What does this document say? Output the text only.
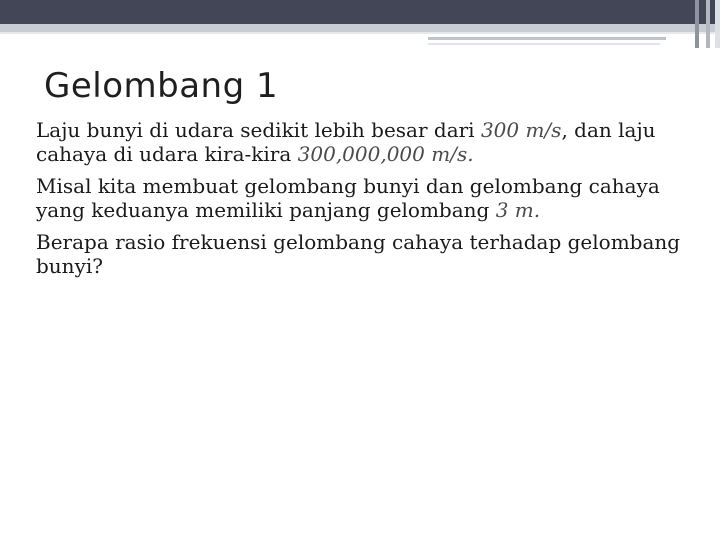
Gelombang 1
Laju bunyi di udara sedikit lebih besar dari 300 m/s, dan laju cahaya di udara kira-kira 300,000,000 m/s.
Misal kita membuat gelombang bunyi dan gelombang cahaya yang keduanya memiliki panjang gelombang 3 m.
Berapa rasio frekuensi gelombang cahaya terhadap gelombang bunyi?
